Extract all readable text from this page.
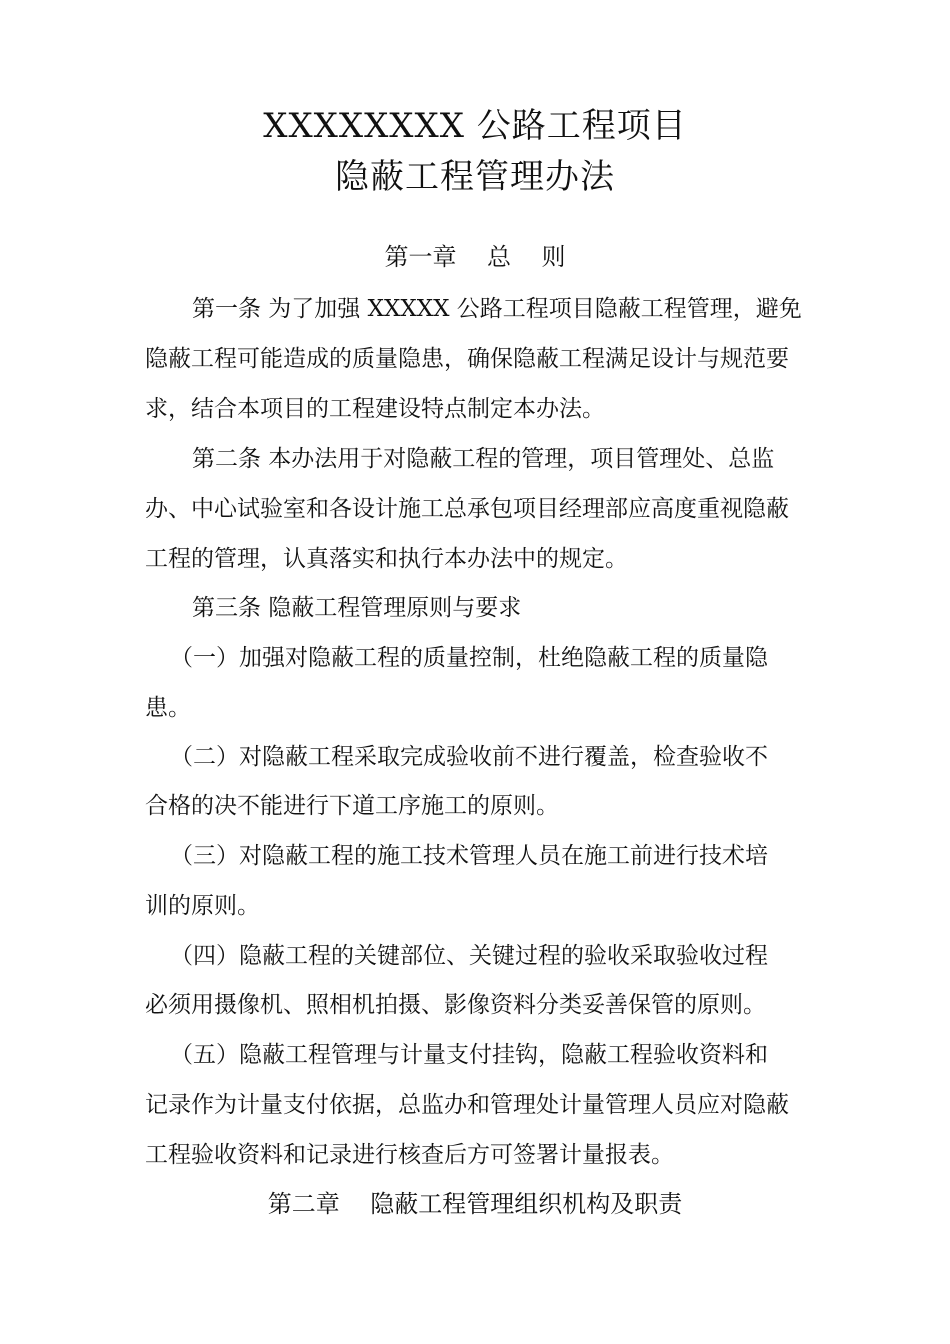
XXXXXXXX 公路工程项目
隐蔽工程管理办法
第一章    总    则
第一条 为了加强 XXXXX 公路工程项目隐蔽工程管理，避免
隐蔽工程可能造成的质量隐患，确保隐蔽工程满足设计与规范要
求，结合本项目的工程建设特点制定本办法。
第二条 本办法用于对隐蔽工程的管理，项目管理处、总监
办、中心试验室和各设计施工总承包项目经理部应高度重视隐蔽
工程的管理，认真落实和执行本办法中的规定。
第三条 隐蔽工程管理原则与要求
（一）加强对隐蔽工程的质量控制，杜绝隐蔽工程的质量隐
患。
（二）对隐蔽工程采取完成验收前不进行覆盖，检查验收不
合格的决不能进行下道工序施工的原则。
（三）对隐蔽工程的施工技术管理人员在施工前进行技术培
训的原则。
（四）隐蔽工程的关键部位、关键过程的验收采取验收过程
必须用摄像机、照相机拍摄、影像资料分类妥善保管的原则。
（五）隐蔽工程管理与计量支付挂钩，隐蔽工程验收资料和
记录作为计量支付依据，总监办和管理处计量管理人员应对隐蔽
工程验收资料和记录进行核查后方可签署计量报表。
第二章    隐蔽工程管理组织机构及职责
